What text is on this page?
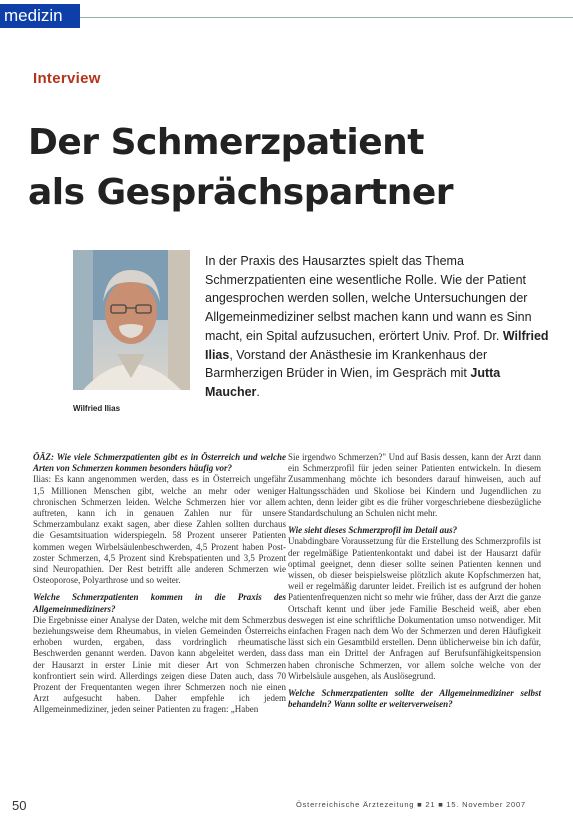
medizin
Interview
Der Schmerzpatient
als Gesprächspartner
Wilfried Ilias
In der Praxis des Hausarztes spielt das Thema Schmerzpatienten eine wesentliche Rolle. Wie der Patient angesprochen werden sollen, welche Untersuchungen der Allgemeinmediziner selbst machen kann und wann es Sinn macht, ein Spital aufzusuchen, erörtert Univ. Prof. Dr. Wilfried Ilias, Vorstand der Anästhesie im Krankenhaus der Barmherzigen Brüder in Wien, im Gespräch mit Jutta Maucher.

ÖÄZ: Wie viele Schmerzpatienten gibt es in Österreich und welche Arten von Schmerzen kommen besonders häufig vor?

Ilias: Es kann angenommen werden, dass es in Österreich ungefähr 1,5 Millionen Menschen gibt, welche an mehr oder weniger chronischen Schmerzen leiden. Welche Schmerzen hier vor allem auftreten, kann ich in genauen Zahlen nur für unsere Schmerzambulanz exakt sagen, aber diese Zahlen sollten durchaus die Gesamtsituation widerspiegeln. 58 Prozent unserer Patienten kommen wegen Wirbelsäulenbeschwerden, 4,5 Prozent haben Post-zoster Schmerzen, 4,5 Prozent sind Krebspatienten und 3,5 Prozent sind Neuropathien. Der Rest betrifft alle anderen Schmerzen wie Osteoporose, Polyarthrose und so weiter.

Welche Schmerzpatienten kommen in die Praxis des Allgemeinmediziners?

Die Ergebnisse einer Analyse der Daten, welche mit dem Schmerzbus beziehungsweise dem Rheumabus, in vielen Gemeinden Österreichs erhoben wurden, ergaben, dass vordringlich rheumatische Beschwerden genannt werden. Davon kann abgeleitet werden, dass der Hausarzt in erster Linie mit dieser Art von Schmerzen konfrontiert sein wird. Allerdings zeigen diese Daten auch, dass 70 Prozent der Frequentanten wegen ihrer Schmerzen noch nie einen Arzt aufgesucht haben. Daher empfehle ich jedem Allgemeinmediziner, jeden seiner Patienten zu fragen: „Haben

Sie irgendwo Schmerzen?" Und auf Basis dessen, kann der Arzt dann ein Schmerzprofil für jeden seiner Patienten entwickeln. In diesem Zusammenhang möchte ich besonders darauf hinweisen, auch auf Haltungsschäden und Skoliose bei Kindern und Jugendlichen zu achten, denn leider gibt es die früher vorgeschriebene diesbezügliche Standardschulung an Schulen nicht mehr.

Wie sieht dieses Schmerzprofil im Detail aus?

Unabdingbare Voraussetzung für die Erstellung des Schmerzprofils ist der regelmäßige Patientenkontakt und dabei ist der Hausarzt dafür optimal geeignet, denn dieser sollte seinen Patienten kennen und wissen, ob dieser beispielsweise plötzlich akute Kopfschmerzen hat, weil er regelmäßig darunter leidet. Freilich ist es aufgrund der hohen Patientenfrequenzen nicht so mehr wie früher, dass der Arzt die ganze Ortschaft kennt und über jede Familie Bescheid weiß, aber eben deswegen ist eine schriftliche Dokumentation umso notwendiger. Mit einfachen Fragen nach dem Wo der Schmerzen und deren Häufigkeit lässt sich ein Gesamtbild erstellen. Denn üblicherweise bin ich dafür, dass man ein Drittel der Anfragen auf Berufsunfähigkeitspension haben chronische Schmerzen, vor allem solche welche von der Wirbelsäule ausgehen, als Auslösegrund.

Welche Schmerzpatienten sollte der Allgemeinmediziner selbst behandeln? Wann sollte er weiterverweisen?

50	Österreichische Ärztezeitung ■ 21 ■ 15. November 2007
